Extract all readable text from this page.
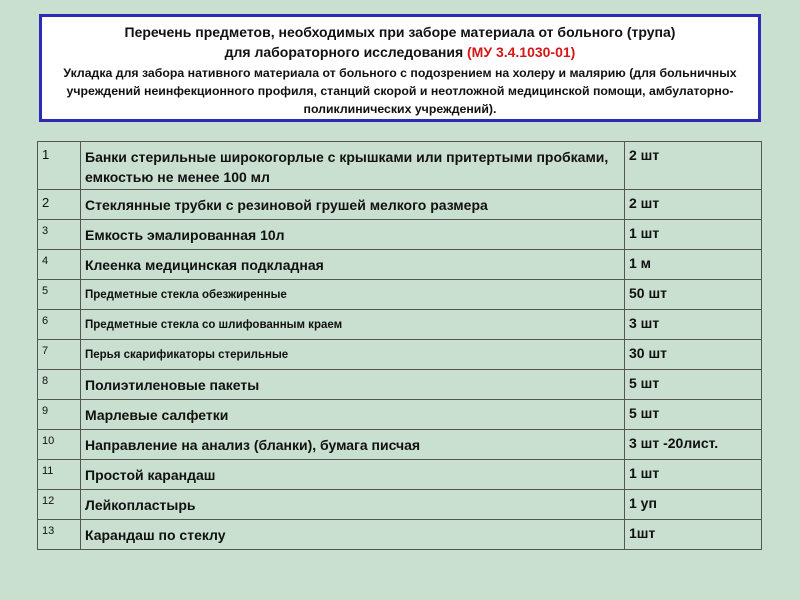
Перечень предметов, необходимых при заборе материала от больного (трупа)
для лабораторного исследования (МУ 3.4.1030-01)

Укладка для забора нативного материала от больного с подозрением на холеру и малярию (для больничных учреждений неинфекционного профиля, станций скорой и неотложной медицинской помощи, амбулаторно-поликлинических учреждений).

1	Банки стерильные широкогорлые с крышками или притертыми пробками, емкостью не менее 100 мл	2 шт
2	Стеклянные трубки с резиновой грушей мелкого размера	2 шт
3	Емкость эмалированная 10л	1 шт
4	Клеенка медицинская подкладная	1 м
5	Предметные стекла обезжиренные	50 шт
6	Предметные стекла со шлифованным краем	3 шт
7	Перья скарификаторы стерильные	30 шт
8	Полиэтиленовые пакеты	5 шт
9	Марлевые салфетки	5 шт
10	Направление на анализ (бланки), бумага писчая	3 шт -20лист.
11	Простой карандаш	1 шт
12	Лейкопластырь	1 уп
13	Карандаш по стеклу	1шт
